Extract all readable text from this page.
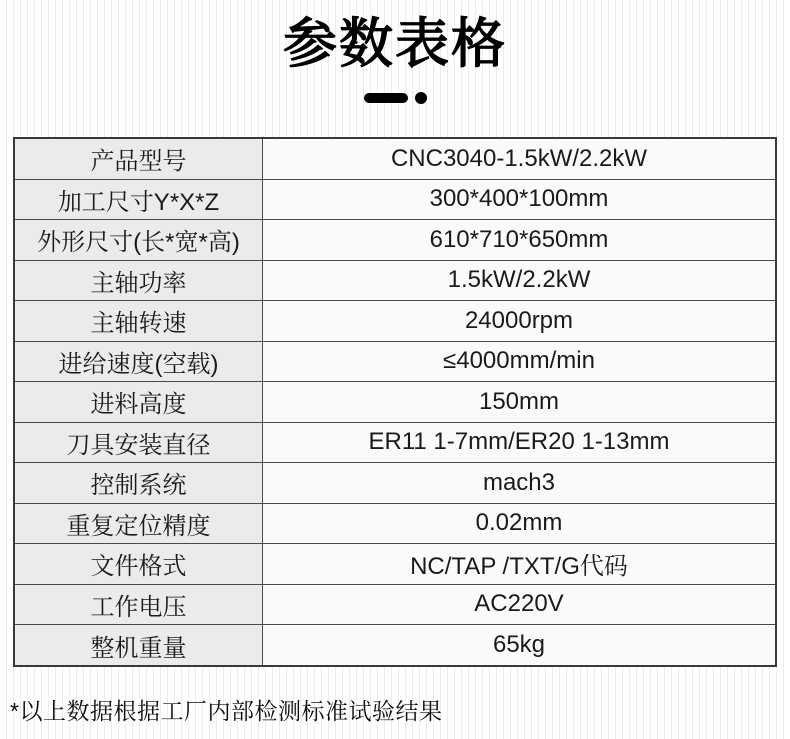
参数表格
产品型号	CNC3040-1.5kW/2.2kW
加工尺寸Y*X*Z	300*400*100mm
外形尺寸(长*宽*高)	610*710*650mm
主轴功率	1.5kW/2.2kW
主轴转速	24000rpm
进给速度(空载)	≤4000mm/min
进料高度	150mm
刀具安装直径	ER11 1-7mm/ER20 1-13mm
控制系统	mach3
重复定位精度	0.02mm
文件格式	NC/TAP /TXT/G代码
工作电压	AC220V
整机重量	65kg

*以上数据根据工厂内部检测标准试验结果
